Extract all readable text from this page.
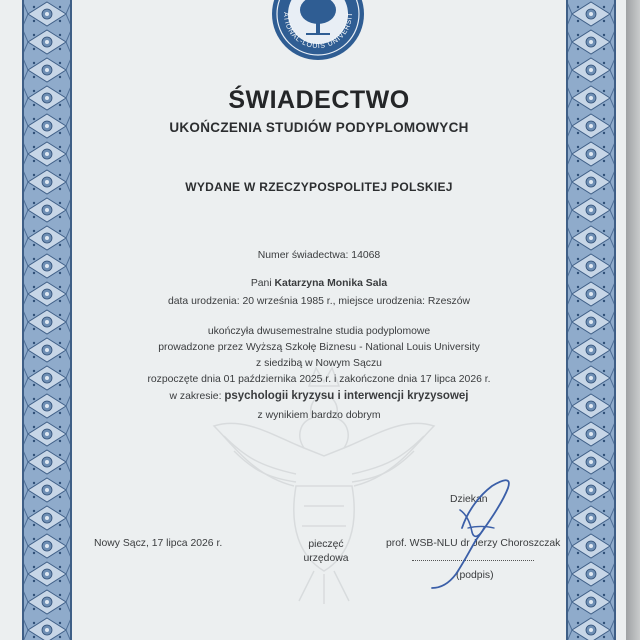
ATIONAL-LOUIS UNIVERSIT
ŚWIADECTWO
UKOŃCZENIA STUDIÓW PODYPLOMOWYCH
WYDANE W RZECZYPOSPOLITEJ POLSKIEJ
Numer świadectwa: 14068
Pani Katarzyna Monika Sala
data urodzenia: 20 września 1985 r., miejsce urodzenia: Rzeszów
ukończyła dwusemestralne studia podyplomowe
prowadzone przez Wyższą Szkołę Biznesu - National Louis University
z siedzibą w Nowym Sączu
rozpoczęte dnia 01 października 2025 r. i zakończone dnia 17 lipca 2026 r.
w zakresie: psychologii kryzysu i interwencji kryzysowej
z wynikiem bardzo dobrym
Nowy Sącz, 17 lipca 2026 r.	pieczęć
urzędowa
Dziekan
prof. WSB-NLU dr Jerzy Choroszczak
(podpis)
